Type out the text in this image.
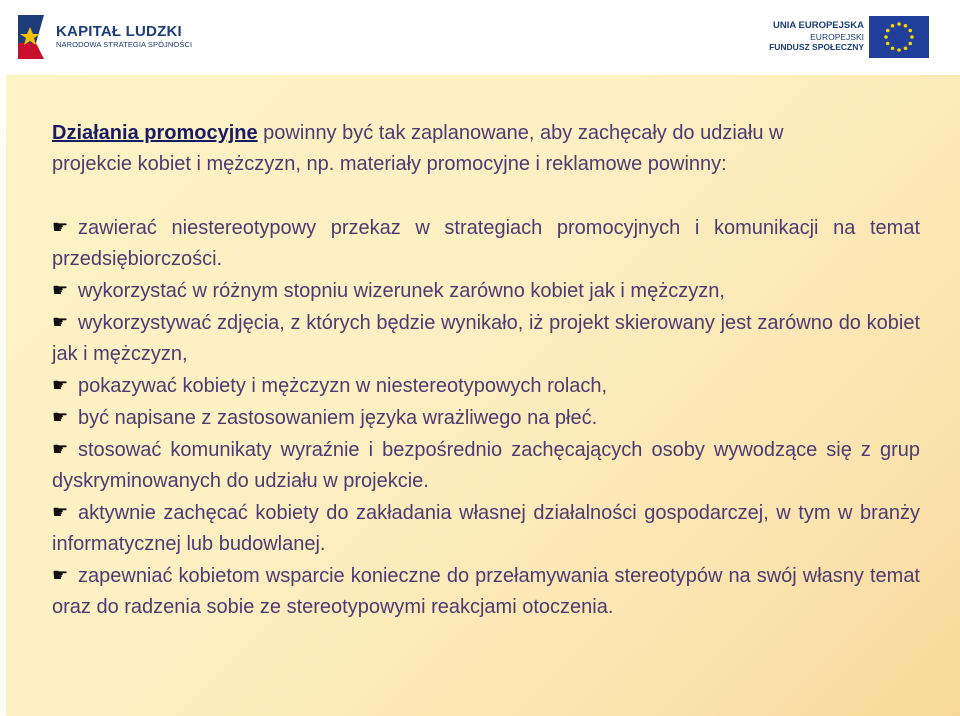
KAPITAŁ LUDZKI
NARODOWA STRATEGIA SPÓJNOŚCI
UNIA EUROPEJSKA
EUROPEJSKI
FUNDUSZ SPOŁECZNY

Działania promocyjne powinny być tak zaplanowane, aby zachęcały do udziału w

projekcie kobiet i mężczyzn, np. materiały promocyjne i reklamowe powinny:

☛ zawierać niestereotypowy przekaz w strategiach promocyjnych i komunikacji na temat przedsiębiorczości.

☛ wykorzystać w różnym stopniu wizerunek zarówno kobiet jak i mężczyzn,

☛ wykorzystywać zdjęcia, z których będzie wynikało, iż projekt skierowany jest zarówno do kobiet jak i mężczyzn,

☛ pokazywać kobiety i mężczyzn w niestereotypowych rolach,

☛ być napisane z zastosowaniem języka wrażliwego na płeć.

☛ stosować komunikaty wyraźnie i bezpośrednio zachęcających osoby wywodzące się z grup dyskryminowanych do udziału w projekcie.

☛ aktywnie zachęcać kobiety do zakładania własnej działalności gospodarczej, w tym w branży informatycznej lub budowlanej.

☛ zapewniać kobietom wsparcie konieczne do przełamywania stereotypów na swój własny temat oraz do radzenia sobie ze stereotypowymi reakcjami otoczenia.
